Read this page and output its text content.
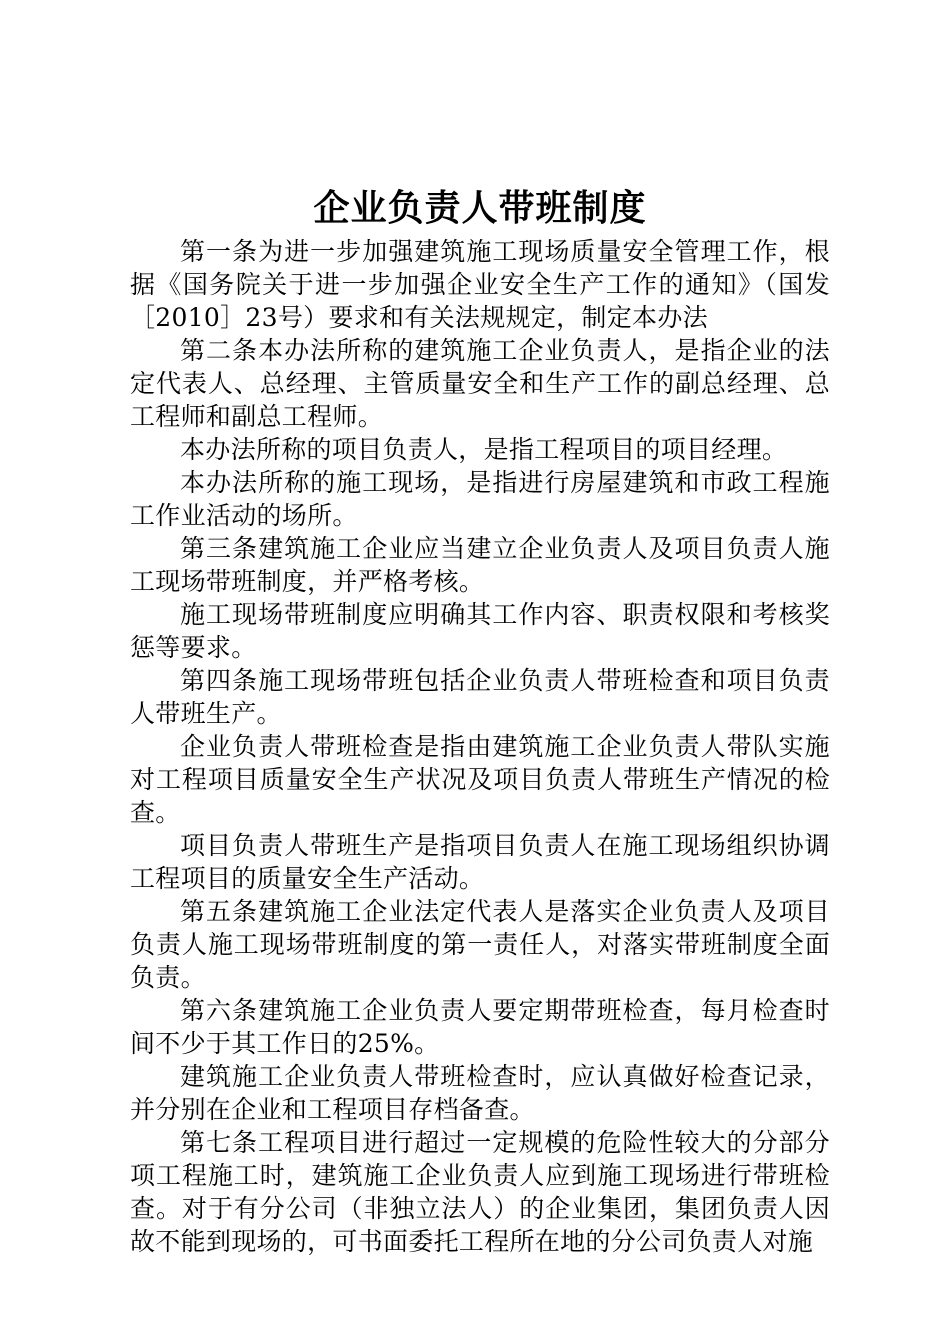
企业负责人带班制度

第一条为进一步加强建筑施工现场质量安全管理工作，根据《国务院关于进一步加强企业安全生产工作的通知》（国发［2010］23号）要求和有关法规规定，制定本办法

第二条本办法所称的建筑施工企业负责人，是指企业的法定代表人、总经理、主管质量安全和生产工作的副总经理、总工程师和副总工程师。

本办法所称的项目负责人，是指工程项目的项目经理。

本办法所称的施工现场，是指进行房屋建筑和市政工程施工作业活动的场所。

第三条建筑施工企业应当建立企业负责人及项目负责人施工现场带班制度，并严格考核。

施工现场带班制度应明确其工作内容、职责权限和考核奖惩等要求。

第四条施工现场带班包括企业负责人带班检查和项目负责人带班生产。

企业负责人带班检查是指由建筑施工企业负责人带队实施对工程项目质量安全生产状况及项目负责人带班生产情况的检查。

项目负责人带班生产是指项目负责人在施工现场组织协调工程项目的质量安全生产活动。

第五条建筑施工企业法定代表人是落实企业负责人及项目负责人施工现场带班制度的第一责任人，对落实带班制度全面负责。

第六条建筑施工企业负责人要定期带班检查，每月检查时间不少于其工作日的25%。

建筑施工企业负责人带班检查时，应认真做好检查记录，并分别在企业和工程项目存档备查。

第七条工程项目进行超过一定规模的危险性较大的分部分项工程施工时，建筑施工企业负责人应到施工现场进行带班检查。对于有分公司（非独立法人）的企业集团，集团负责人因故不能到现场的，可书面委托工程所在地的分公司负责人对施
